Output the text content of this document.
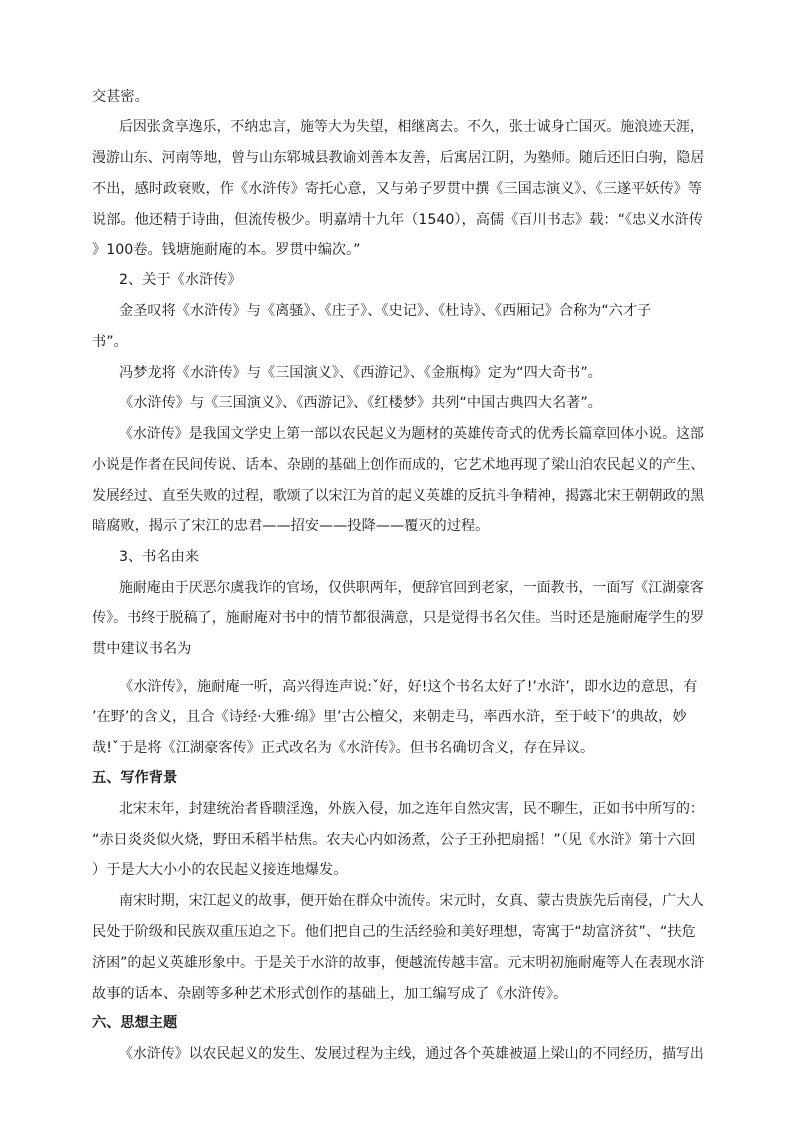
交甚密。
后因张贪享逸乐，不纳忠言，施等大为失望，相继离去。不久，张士诚身亡国灭。施浪迹天涯，
漫游山东、河南等地，曾与山东郓城县教谕刘善本友善，后寓居江阴，为塾师。随后还旧白驹，隐居
不出，感时政衰败，作《水浒传》寄托心意，又与弟子罗贯中撰《三国志演义》、《三遂平妖传》等
说部。他还精于诗曲，但流传极少。明嘉靖十九年（1540），高儒《百川书志》载：“《忠义水浒传
》100卷。钱塘施耐庵的本。罗贯中编次。”
2、关于《水浒传》
金圣叹将《水浒传》与《离骚》、《庄子》、《史记》、《杜诗》、《西厢记》合称为“六才子
书”。
冯梦龙将《水浒传》与《三国演义》、《西游记》、《金瓶梅》定为“四大奇书”。
《水浒传》与《三国演义》、《西游记》、《红楼梦》共列“中国古典四大名著”。
《水浒传》是我国文学史上第一部以农民起义为题材的英雄传奇式的优秀长篇章回体小说。这部
小说是作者在民间传说、话本、杂剧的基础上创作而成的，它艺术地再现了梁山泊农民起义的产生、
发展经过、直至失败的过程，歌颂了以宋江为首的起义英雄的反抗斗争精神，揭露北宋王朝朝政的黑
暗腐败，揭示了宋江的忠君——招安——投降——覆灭的过程。
3、书名由来
施耐庵由于厌恶尔虞我诈的官场，仅供职两年，便辞官回到老家，一面教书，一面写《江湖豪客
传》。书终于脱稿了，施耐庵对书中的情节都很满意，只是觉得书名欠佳。当时还是施耐庵学生的罗
贯中建议书名为
《水浒传》，施耐庵一听，高兴得连声说:ˇ好，好!这个书名太好了!’水浒’，即水边的意思，有
’在野’的含义，且合《诗经·大雅·绵》里’古公檀父，来朝走马，率西水浒，至于岐下’的典故，妙
哉!ˇ于是将《江湖豪客传》正式改名为《水浒传》。但书名确切含义，存在异议。
五、写作背景
北宋末年，封建统治者昏聩淫逸，外族入侵，加之连年自然灾害，民不聊生，正如书中所写的：
“赤日炎炎似火烧，野田禾稻半枯焦。农夫心内如汤煮，公子王孙把扇摇！”（见《水浒》第十六回
）于是大大小小的农民起义接连地爆发。
南宋时期，宋江起义的故事，便开始在群众中流传。宋元时，女真、蒙古贵族先后南侵，广大人
民处于阶级和民族双重压迫之下。他们把自己的生活经验和美好理想，寄寓于“劫富济贫”、“扶危
济困”的起义英雄形象中。于是关于水浒的故事，便越流传越丰富。元末明初施耐庵等人在表现水浒
故事的话本、杂剧等多种艺术形式创作的基础上，加工编写成了《水浒传》。
六、思想主题
《水浒传》以农民起义的发生、发展过程为主线，通过各个英雄被逼上梁山的不同经历，描写出
